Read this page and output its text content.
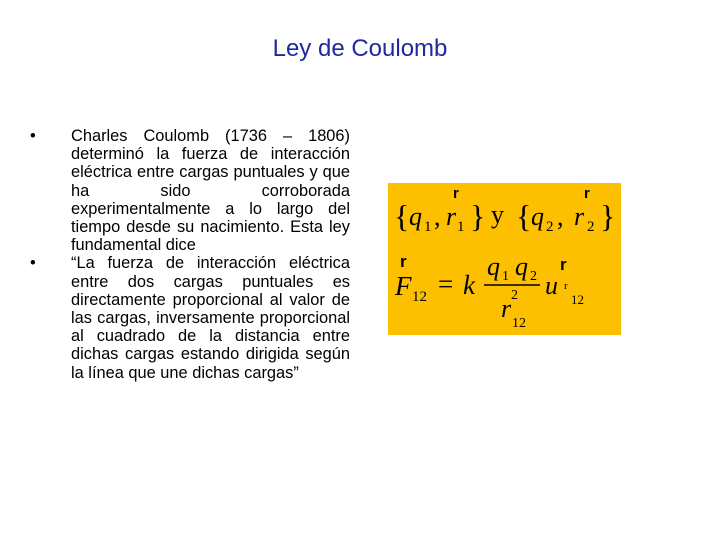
Ley de Coulomb
• Charles Coulomb (1736 – 1806) determinó la fuerza de interacción eléctrica entre cargas puntuales y que ha sido corroborada experimentalmente a lo largo del tiempo desde su nacimiento. Esta ley fundamental dice
• “La fuerza de interacción eléctrica entre dos cargas puntuales es directamente proporcional al valor de las cargas, inversamente proporcional al cuadrado de la distancia entre dichas cargas estando dirigida según la línea que une dichas cargas”
{ q 1 ,
r
r 1 } y { q 2 ,
r
r 2 }
r
F 12 = k
q 1 q 2
r 2
12
r
u r
12
